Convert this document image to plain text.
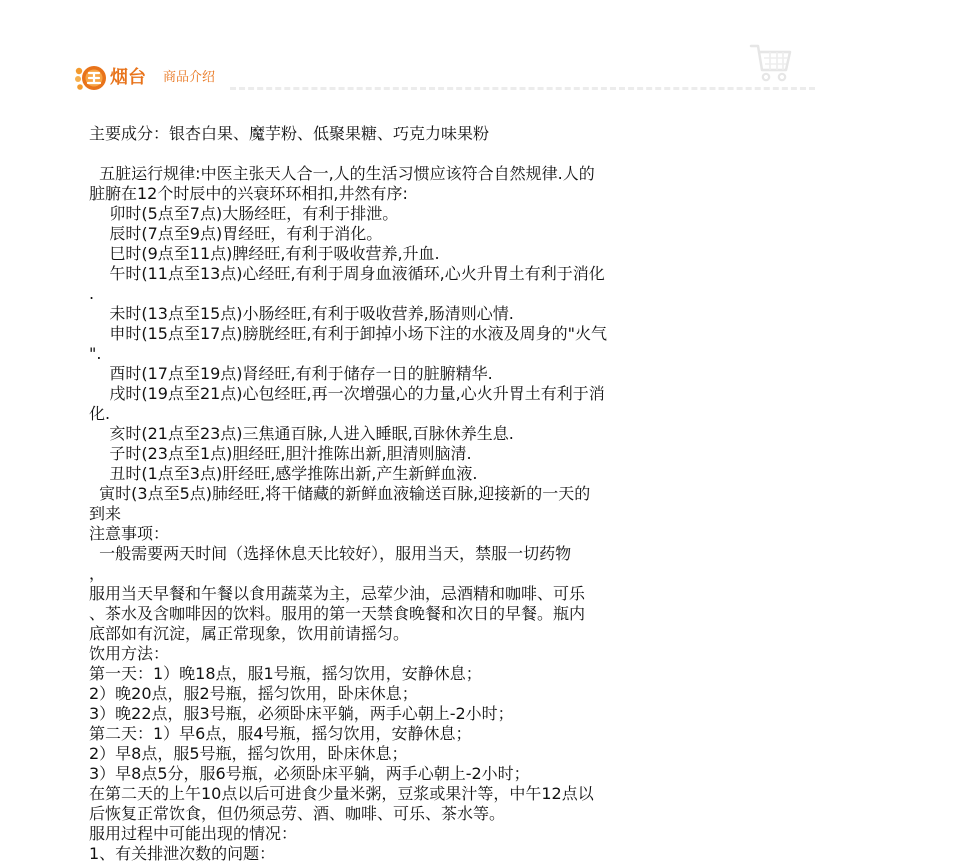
烟台 商品介绍
主要成分：银杏白果、魔芋粉、低聚果糖、巧克力味果粉
五脏运行规律:中医主张天人合一,人的生活习惯应该符合自然规律.人的
脏腑在12个时辰中的兴衰环环相扣,井然有序:
卯时(5点至7点)大肠经旺，有利于排泄。
辰时(7点至9点)胃经旺，有利于消化。
巳时(9点至11点)脾经旺,有利于吸收营养,升血.
午时(11点至13点)心经旺,有利于周身血液循环,心火升胃土有利于消化
.
未时(13点至15点)小肠经旺,有利于吸收营养,肠清则心情.
申时(15点至17点)膀胱经旺,有利于卸掉小场下注的水液及周身的"火气
".
酉时(17点至19点)肾经旺,有利于储存一日的脏腑精华.
戌时(19点至21点)心包经旺,再一次增强心的力量,心火升胃土有利于消
化.
亥时(21点至23点)三焦通百脉,人进入睡眠,百脉休养生息.
子时(23点至1点)胆经旺,胆汁推陈出新,胆清则脑清.
丑时(1点至3点)肝经旺,感学推陈出新,产生新鲜血液.
寅时(3点至5点)肺经旺,将干储藏的新鲜血液输送百脉,迎接新的一天的
到来
注意事项：
一般需要两天时间（选择休息天比较好），服用当天，禁服一切药物
，
服用当天早餐和午餐以食用蔬菜为主，忌荤少油，忌酒精和咖啡、可乐
、茶水及含咖啡因的饮料。服用的第一天禁食晚餐和次日的早餐。瓶内
底部如有沉淀，属正常现象，饮用前请摇匀。
饮用方法：
第一天：1）晚18点，服1号瓶，摇匀饮用，安静休息；
2）晚20点，服2号瓶，摇匀饮用，卧床休息；
3）晚22点，服3号瓶，必须卧床平躺，两手心朝上-2小时；
第二天：1）早6点，服4号瓶，摇匀饮用，安静休息；
2）早8点，服5号瓶，摇匀饮用，卧床休息；
3）早8点5分，服6号瓶，必须卧床平躺，两手心朝上-2小时；
在第二天的上午10点以后可进食少量米粥，豆浆或果汁等，中午12点以
后恢复正常饮食，但仍须忌劳、酒、咖啡、可乐、茶水等。
服用过程中可能出现的情况：
1、有关排泄次数的问题：
